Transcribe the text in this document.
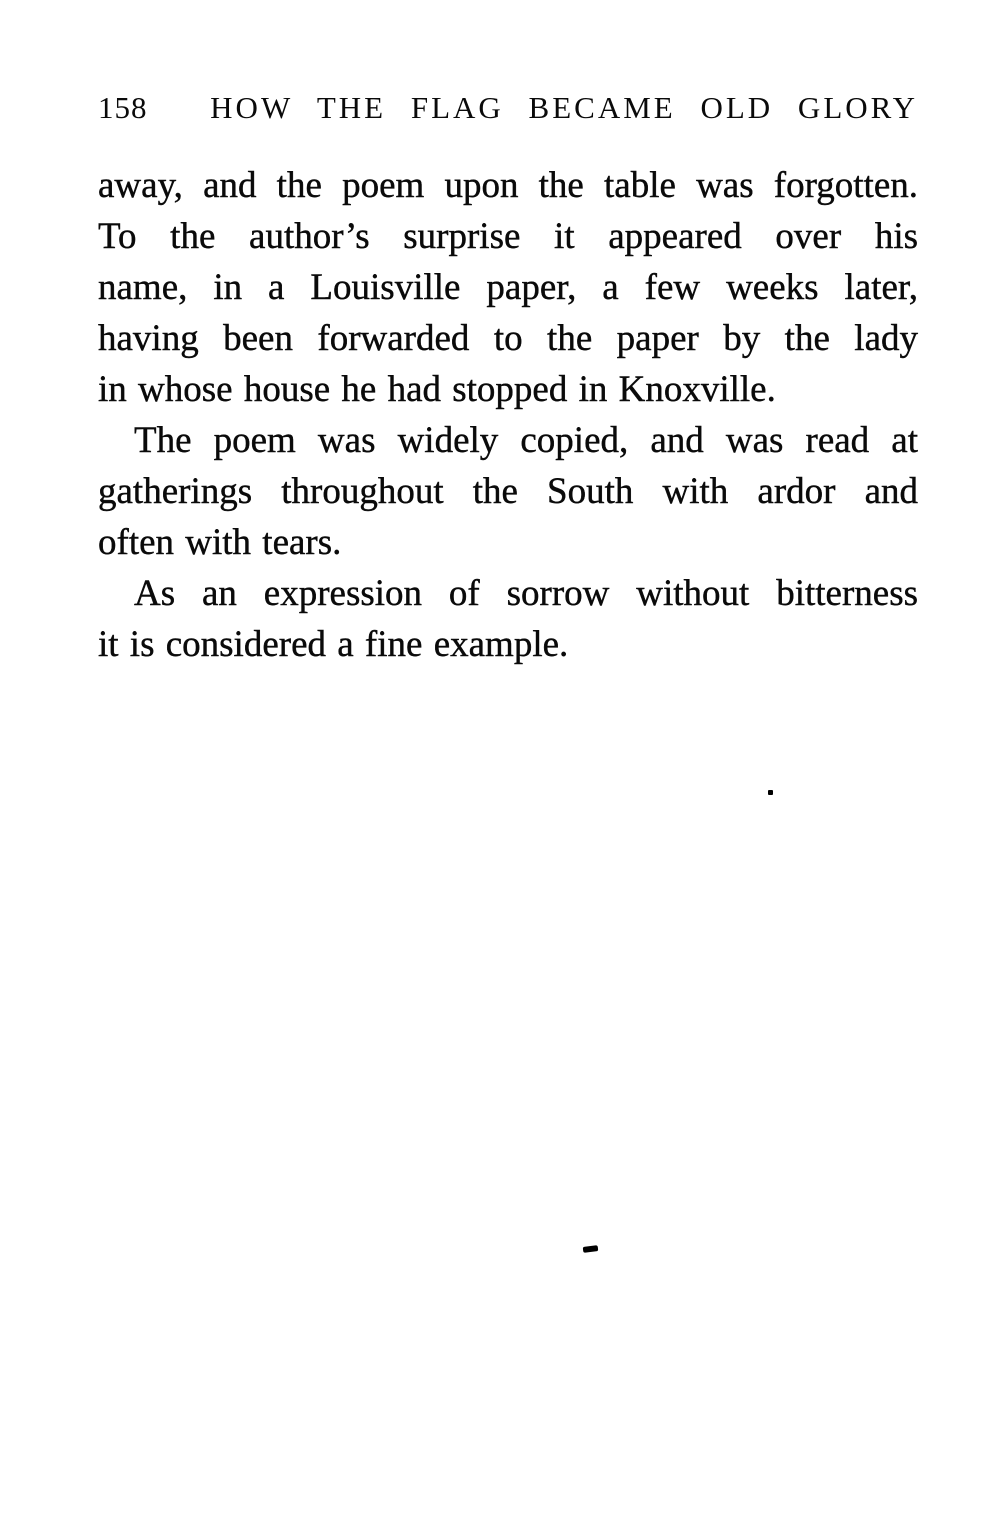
158 HOW THE FLAG BECAME OLD GLORY
away, and the poem upon the table was forgotten.
To the author’s surprise it appeared over his
name, in a Louisville paper, a few weeks later,
having been forwarded to the paper by the lady
in whose house he had stopped in Knoxville.
The poem was widely copied, and was read at
gatherings throughout the South with ardor and
often with tears.
As an expression of sorrow without bitterness
it is considered a fine example.
